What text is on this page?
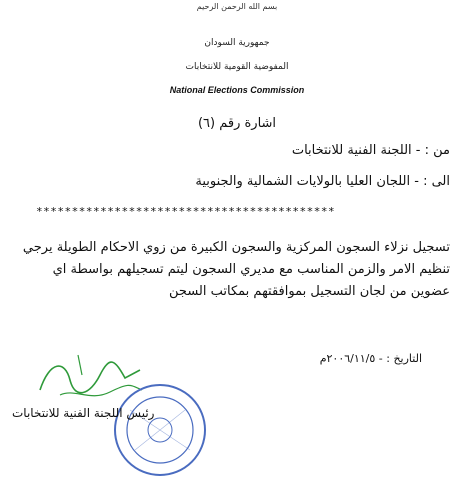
بسم الله الرحمن الرحيم
جمهورية السودان
المفوضية القومية للانتخابات
National Elections Commission
اشارة رقم (٦)
من : - اللجنة الفنية للانتخابات
الى : - اللجان العليا بالولايات الشمالية والجنوبية
******************************************
تسجيل نزلاء السجون المركزية والسجون الكبيرة من زوي الاحكام الطويلة يرجي
تنظيم الامر والزمن المناسب مع مديري السجون ليتم تسجيلهم بواسطة اي
عضوين من لجان التسجيل بموافقتهم بمكاتب السجن
التاريخ : - ٢٠٠٦/١١/٥م
رئيس اللجنة الفنية للانتخابات
